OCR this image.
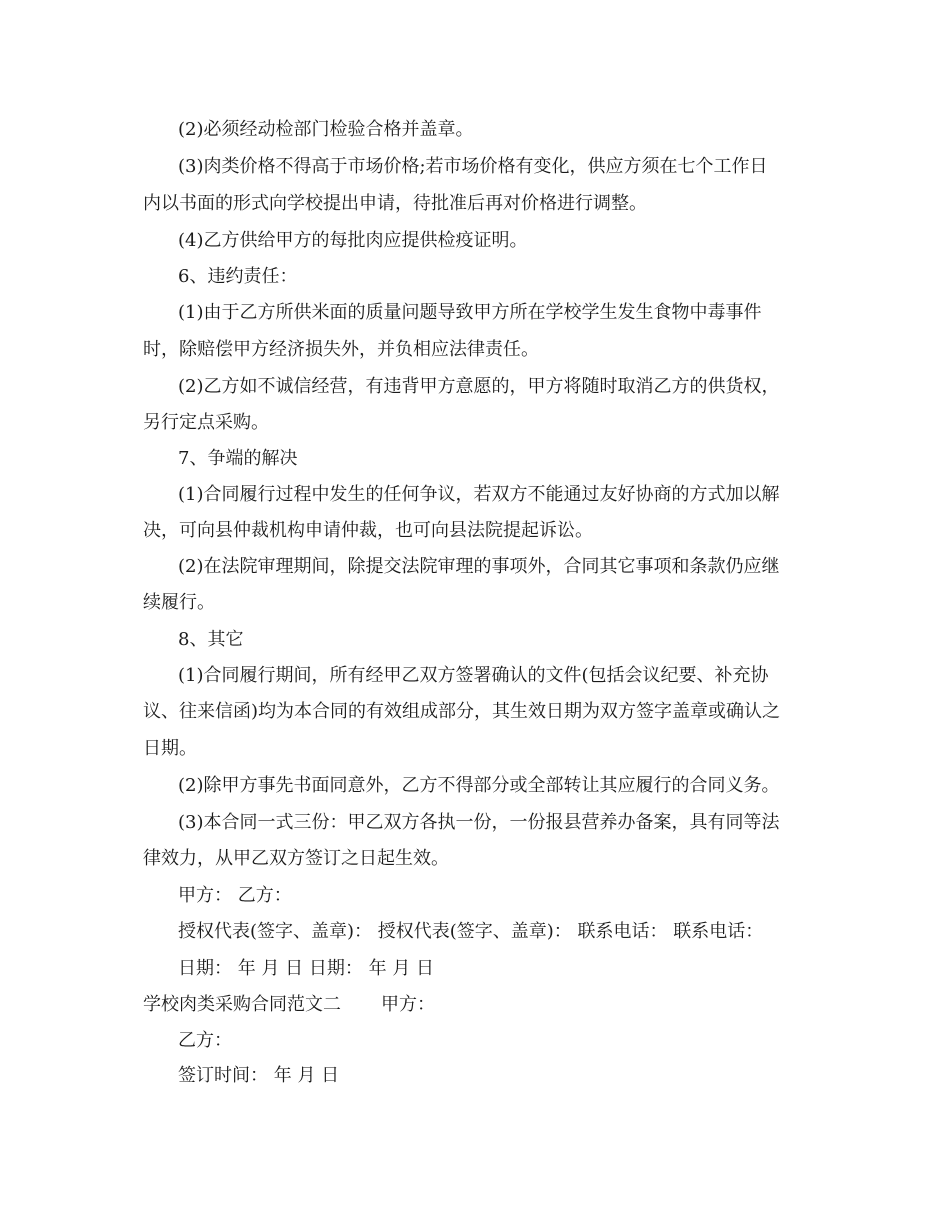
(2)必须经动检部门检验合格并盖章。
(3)肉类价格不得高于市场价格;若市场价格有变化，供应方须在七个工作日
内以书面的形式向学校提出申请，待批准后再对价格进行调整。
(4)乙方供给甲方的每批肉应提供检疫证明。
6、违约责任：
(1)由于乙方所供米面的质量问题导致甲方所在学校学生发生食物中毒事件
时，除赔偿甲方经济损失外，并负相应法律责任。
(2)乙方如不诚信经营，有违背甲方意愿的，甲方将随时取消乙方的供货权，
另行定点采购。
7、争端的解决
(1)合同履行过程中发生的任何争议，若双方不能通过友好协商的方式加以解
决，可向县仲裁机构申请仲裁，也可向县法院提起诉讼。
(2)在法院审理期间，除提交法院审理的事项外，合同其它事项和条款仍应继
续履行。
8、其它
(1)合同履行期间，所有经甲乙双方签署确认的文件(包括会议纪要、补充协
议、往来信函)均为本合同的有效组成部分，其生效日期为双方签字盖章或确认之
日期。
(2)除甲方事先书面同意外，乙方不得部分或全部转让其应履行的合同义务。
(3)本合同一式三份：甲乙双方各执一份，一份报县营养办备案，具有同等法
律效力，从甲乙双方签订之日起生效。
甲方： 乙方：
授权代表(签字、盖章)： 授权代表(签字、盖章)： 联系电话： 联系电话：
日期： 年 月 日 日期： 年 月 日
学校肉类采购合同范文二 甲方：
乙方：
签订时间： 年 月 日
